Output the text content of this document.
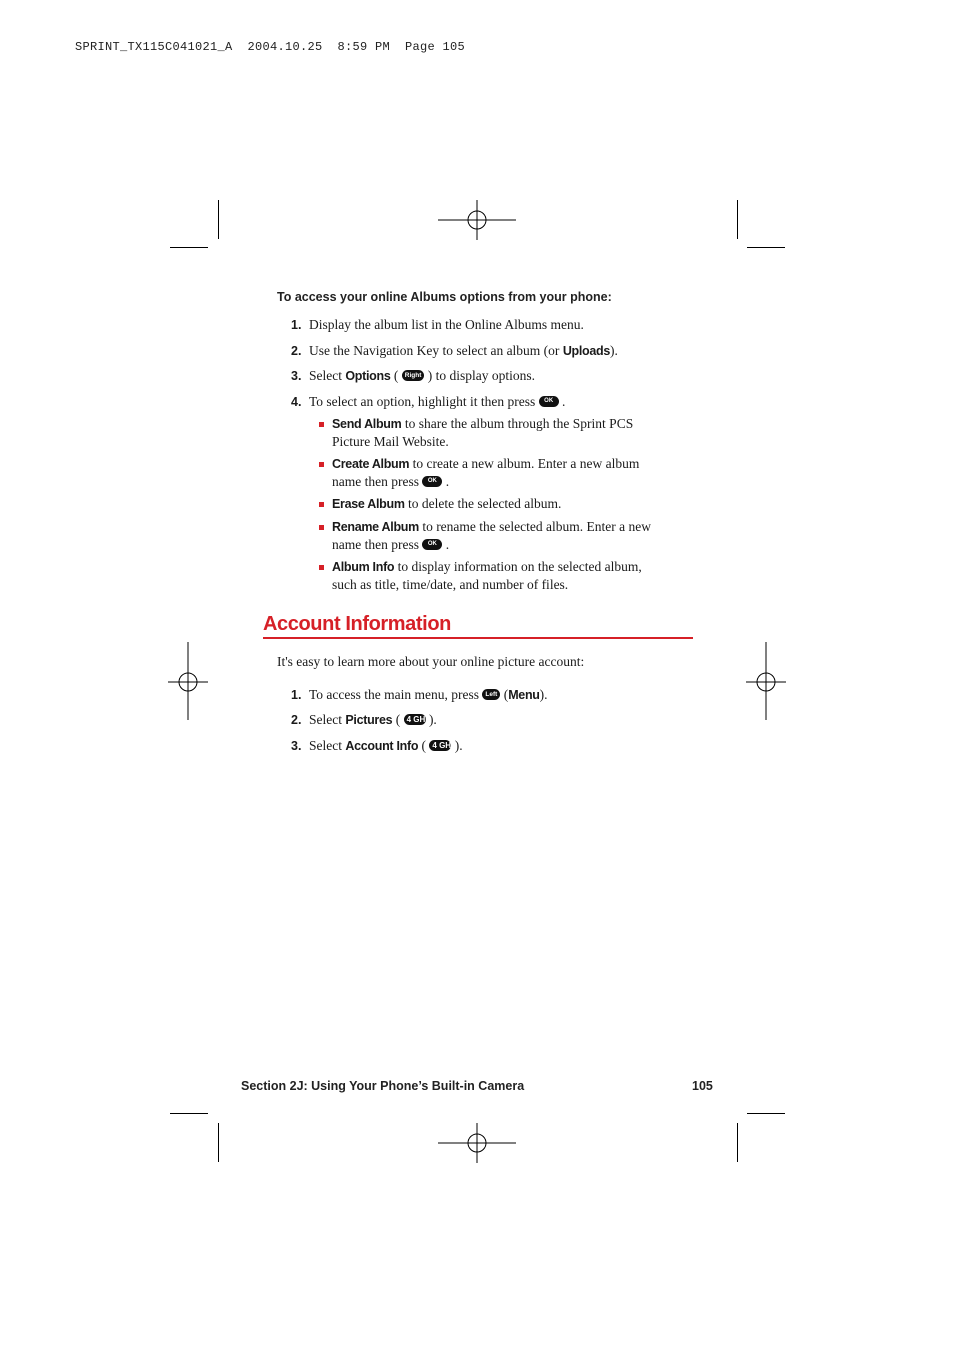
SPRINT_TX115C041021_A  2004.10.25  8:59 PM  Page 105
To access your online Albums options from your phone:
1. Display the album list in the Online Albums menu.
2. Use the Navigation Key to select an album (or Uploads).
3. Select Options ( Right ) to display options.
4. To select an option, highlight it then press OK .
Send Album to share the album through the Sprint PCS
Picture Mail Website.
Create Album to create a new album. Enter a new album
name then press OK .
Erase Album to delete the selected album.
Rename Album to rename the selected album. Enter a new
name then press OK .
Album Info to display information on the selected album,
such as title, time/date, and number of files.
Account Information
It's easy to learn more about your online picture account:
1. To access the main menu, press Left (Menu).
2. Select Pictures ( 4 GHI ).
3. Select Account Info ( 4 GHI ).
Section 2J: Using Your Phone’s Built-in Camera	105
